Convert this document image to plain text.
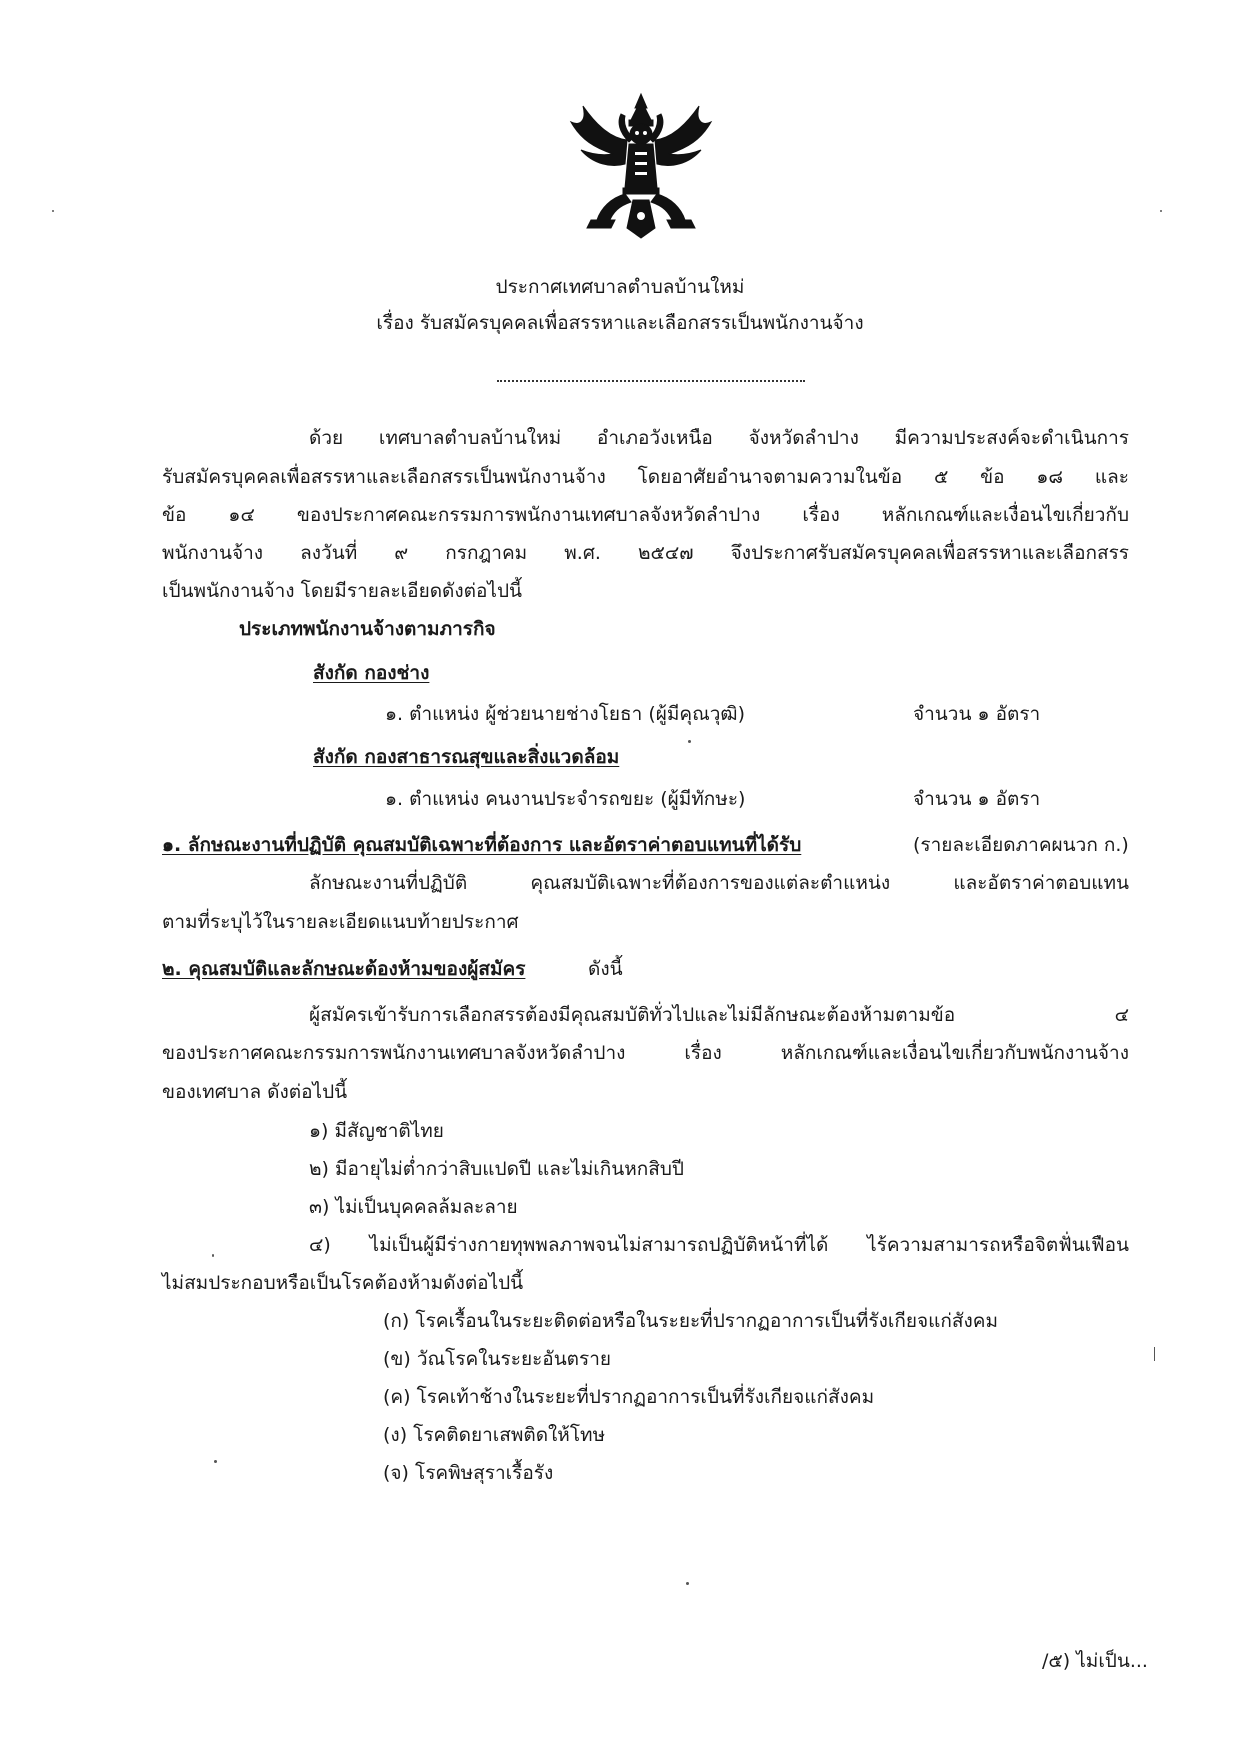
ประกาศเทศบาลตำบลบ้านใหม่
เรื่อง รับสมัครบุคคลเพื่อสรรหาและเลือกสรรเป็นพนักงานจ้าง
ด้วย เทศบาลตำบลบ้านใหม่ อำเภอวังเหนือ จังหวัดลำปาง มีความประสงค์จะดำเนินการ
รับสมัครบุคคลเพื่อสรรหาและเลือกสรรเป็นพนักงานจ้าง โดยอาศัยอำนาจตามความในข้อ ๕ ข้อ ๑๘ และ
ข้อ ๑๔ ของประกาศคณะกรรมการพนักงานเทศบาลจังหวัดลำปาง เรื่อง หลักเกณฑ์และเงื่อนไขเกี่ยวกับ
พนักงานจ้าง ลงวันที่ ๙ กรกฎาคม พ.ศ. ๒๕๔๗ จึงประกาศรับสมัครบุคคลเพื่อสรรหาและเลือกสรร
เป็นพนักงานจ้าง โดยมีรายละเอียดดังต่อไปนี้
ประเภทพนักงานจ้างตามภารกิจ
สังกัด กองช่าง
๑. ตำแหน่ง ผู้ช่วยนายช่างโยธา (ผู้มีคุณวุฒิ)	จำนวน ๑ อัตรา
สังกัด กองสาธารณสุขและสิ่งแวดล้อม
๑. ตำแหน่ง คนงานประจำรถขยะ (ผู้มีทักษะ)	จำนวน ๑ อัตรา
๑. ลักษณะงานที่ปฏิบัติ คุณสมบัติเฉพาะที่ต้องการ และอัตราค่าตอบแทนที่ได้รับ	(รายละเอียดภาคผนวก ก.)
ลักษณะงานที่ปฏิบัติ คุณสมบัติเฉพาะที่ต้องการของแต่ละตำแหน่ง และอัตราค่าตอบแทน
ตามที่ระบุไว้ในรายละเอียดแนบท้ายประกาศ
๒. คุณสมบัติและลักษณะต้องห้ามของผู้สมัคร	ดังนี้
ผู้สมัครเข้ารับการเลือกสรรต้องมีคุณสมบัติทั่วไปและไม่มีลักษณะต้องห้ามตามข้อ ๔
ของประกาศคณะกรรมการพนักงานเทศบาลจังหวัดลำปาง เรื่อง หลักเกณฑ์และเงื่อนไขเกี่ยวกับพนักงานจ้าง
ของเทศบาล ดังต่อไปนี้
๑) มีสัญชาติไทย
๒) มีอายุไม่ต่ำกว่าสิบแปดปี และไม่เกินหกสิบปี
๓) ไม่เป็นบุคคลล้มละลาย
๔) ไม่เป็นผู้มีร่างกายทุพพลภาพจนไม่สามารถปฏิบัติหน้าที่ได้ ไร้ความสามารถหรือจิตฟั่นเฟือน
ไม่สมประกอบหรือเป็นโรคต้องห้ามดังต่อไปนี้
(ก) โรคเรื้อนในระยะติดต่อหรือในระยะที่ปรากฏอาการเป็นที่รังเกียจแก่สังคม
(ข) วัณโรคในระยะอันตราย
(ค) โรคเท้าช้างในระยะที่ปรากฏอาการเป็นที่รังเกียจแก่สังคม
(ง) โรคติดยาเสพติดให้โทษ
(จ) โรคพิษสุราเรื้อรัง
/๕) ไม่เป็น...
